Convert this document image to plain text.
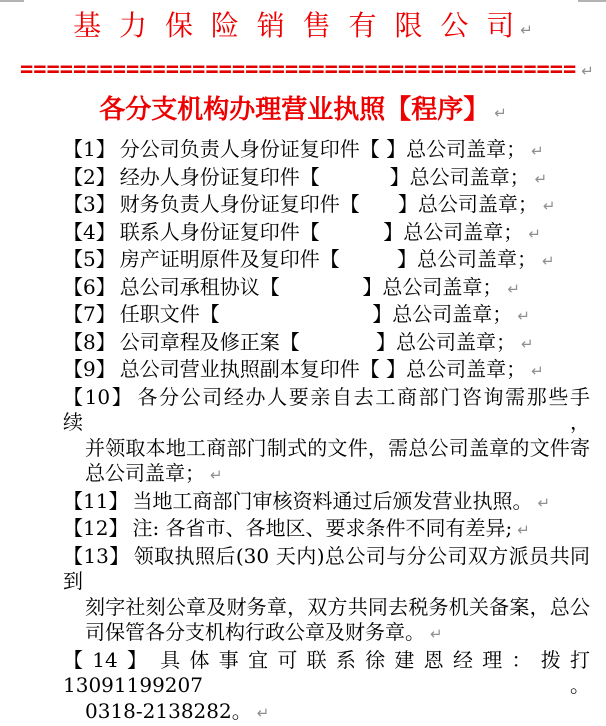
基 力 保 险 销 售 有 限 公 司 ↵
========================================== ↵
各分支机构办理营业执照【程序】 ↵
【1】 分公司负责人身份证复印件【 】总公司盖章； ↵
【2】 经办人身份证复印件【           】总公司盖章； ↵
【3】 财务负责人身份证复印件【      】总公司盖章； ↵
【4】 联系人身份证复印件【          】总公司盖章； ↵
【5】 房产证明原件及复印件【         】总公司盖章； ↵
【6】 总公司承租协议【             】总公司盖章； ↵
【7】 任职文件【                        】总公司盖章； ↵
【8】 公司章程及修正案【            】总公司盖章； ↵
【9】 总公司营业执照副本复印件【 】总公司盖章； ↵
【10】 各分公司经办人要亲自去工商部门咨询需那些手续，
并领取本地工商部门制式的文件，需总公司盖章的文件寄
总公司盖章； ↵
【11】 当地工商部门审核资料通过后颁发营业执照。 ↵
【12】 注: 各省市、各地区、要求条件不同有差异; ↵
【13】 领取执照后(30 天内)总公司与分公司双方派员共同到
刻字社刻公章及财务章，双方共同去税务机关备案，总公
司保管各分支机构行政公章及财务章。 ↵
【14】 具体事宜可联系徐建恩经理：拨打 13091199207。
0318-2138282。 ↵
